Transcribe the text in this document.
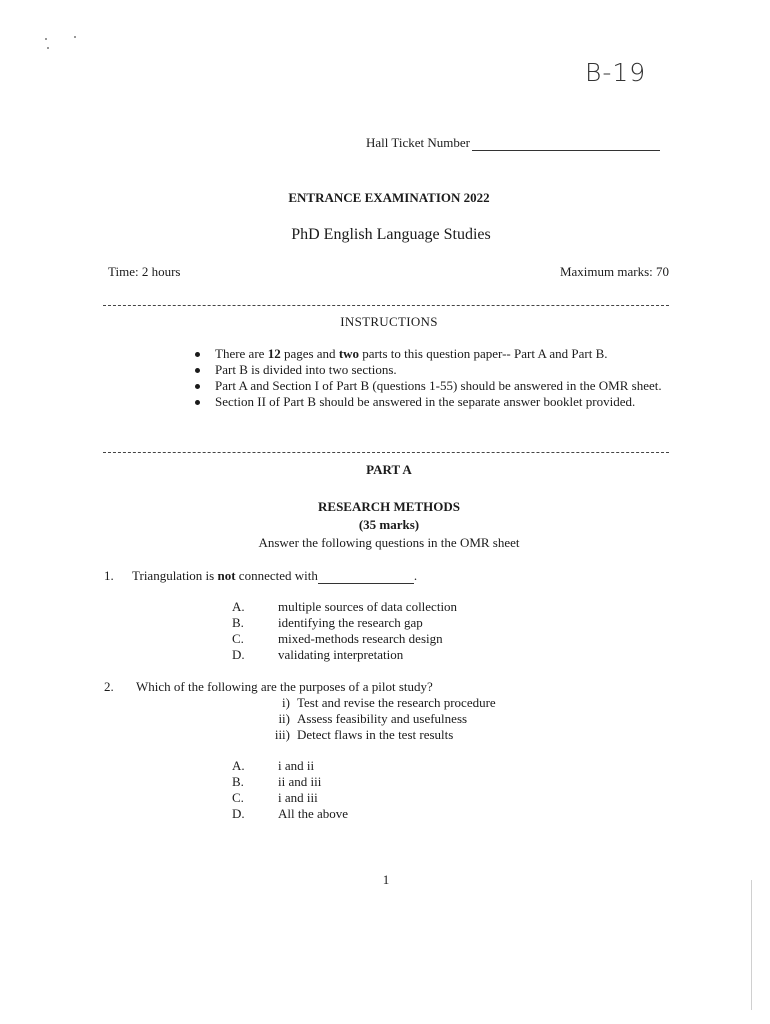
B-19
Hall Ticket Number
ENTRANCE EXAMINATION 2022
PhD English Language Studies
Time: 2 hours	Maximum marks: 70
INSTRUCTIONS
There are 12 pages and two parts to this question paper-- Part A and Part B.
Part B is divided into two sections.
Part A and Section I of Part B (questions 1-55) should be answered in the OMR sheet.
Section II of Part B should be answered in the separate answer booklet provided.
PART A
RESEARCH METHODS
(35 marks)
Answer the following questions in the OMR sheet
1. Triangulation is not connected with	.
A.	multiple sources of data collection
B.	identifying the research gap
C.	mixed-methods research design
D.	validating interpretation
2. Which of the following are the purposes of a pilot study?
i) Test and revise the research procedure
ii) Assess feasibility and usefulness
iii) Detect flaws in the test results
A.	i and ii
B.	ii and iii
C.	i and iii
D.	All the above
1
